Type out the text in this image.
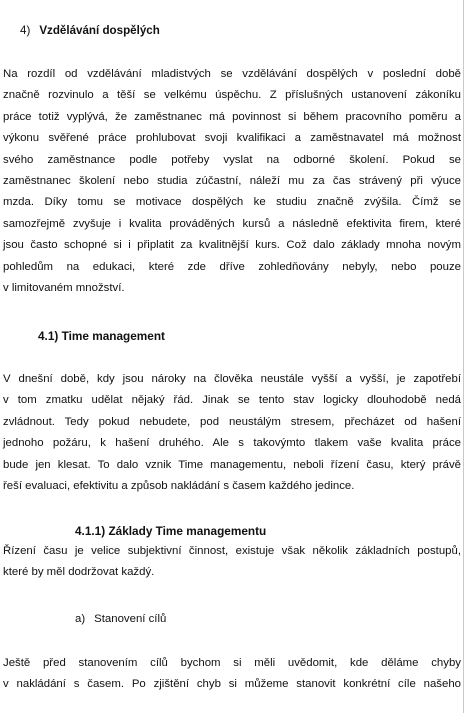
4) Vzdělávání dospělých
Na rozdíl od vzdělávání mladistvých se vzdělávání dospělých v poslední době
značně rozvinulo a těší se velkému úspěchu. Z příslušných ustanovení zákoníku
práce totiž vyplývá, že zaměstnanec má povinnost si během pracovního poměru a
výkonu svěřené práce prohlubovat svoji kvalifikaci a zaměstnavatel má možnost
svého zaměstnance podle potřeby vyslat na odborné školení. Pokud se
zaměstnanec školení nebo studia zúčastní, náleží mu za čas strávený při výuce
mzda. Díky tomu se motivace dospělých ke studiu značně zvýšila. Čímž se
samozřejmě zvyšuje i kvalita prováděných kursů a následně efektivita firem, které
jsou často schopné si i připlatit za kvalitnější kurs. Což dalo základy mnoha novým
pohledům na edukaci, které zde dříve zohledňovány nebyly, nebo pouze
v limitovaném množství.
4.1) Time management
V dnešní době, kdy jsou nároky na člověka neustále vyšší a vyšší, je zapotřebí
v tom zmatku udělat nějaký řád. Jinak se tento stav logicky dlouhodobě nedá
zvládnout. Tedy pokud nebudete, pod neustálým stresem, přecházet od hašení
jednoho požáru, k hašení druhého. Ale s takovýmto tlakem vaše kvalita práce
bude jen klesat. To dalo vznik Time managementu, neboli řízení času, který právě
řeší evaluaci, efektivitu a způsob nakládání s časem každého jedince.
4.1.1) Základy Time managementu
Řízení času je velice subjektivní činnost, existuje však několik základních postupů,
které by měl dodržovat každý.
a) Stanovení cílů
Ještě před stanovením cílů bychom si měli uvědomit, kde děláme chyby
v nakládání s časem. Po zjištění chyb si můžeme stanovit konkrétní cíle našeho
